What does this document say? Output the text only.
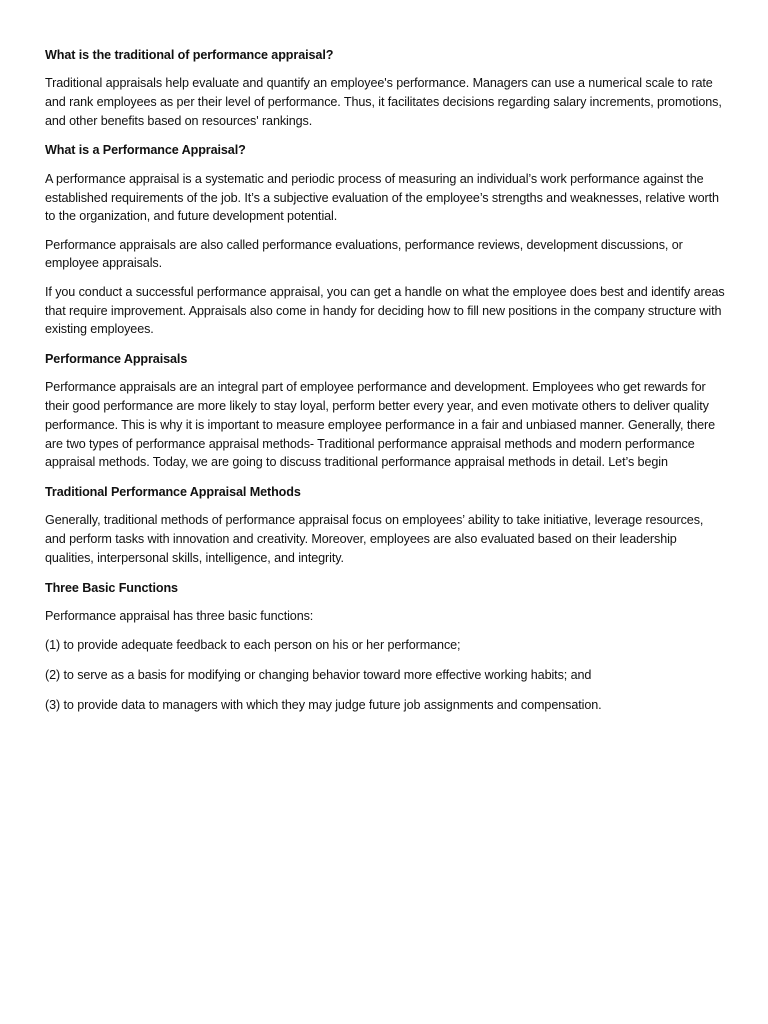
What is the traditional of performance appraisal?

Traditional appraisals help evaluate and quantify an employee's performance. Managers can use a numerical scale to rate and rank employees as per their level of performance. Thus, it facilitates decisions regarding salary increments, promotions, and other benefits based on resources' rankings.

What is a Performance Appraisal?

A performance appraisal is a systematic and periodic process of measuring an individual’s work performance against the established requirements of the job. It’s a subjective evaluation of the employee’s strengths and weaknesses, relative worth to the organization, and future development potential.

Performance appraisals are also called performance evaluations, performance reviews, development discussions, or employee appraisals.

If you conduct a successful performance appraisal, you can get a handle on what the employee does best and identify areas that require improvement. Appraisals also come in handy for deciding how to fill new positions in the company structure with existing employees.

Performance Appraisals

Performance appraisals are an integral part of employee performance and development. Employees who get rewards for their good performance are more likely to stay loyal, perform better every year, and even motivate others to deliver quality performance. This is why it is important to measure employee performance in a fair and unbiased manner. Generally, there are two types of performance appraisal methods- Traditional performance appraisal methods and modern performance appraisal methods. Today, we are going to discuss traditional performance appraisal methods in detail. Let’s begin

Traditional Performance Appraisal Methods

Generally, traditional methods of performance appraisal focus on employees’ ability to take initiative, leverage resources, and perform tasks with innovation and creativity. Moreover, employees are also evaluated based on their leadership qualities, interpersonal skills, intelligence, and integrity.

Three Basic Functions

Performance appraisal has three basic functions:

(1) to provide adequate feedback to each person on his or her performance;

(2) to serve as a basis for modifying or changing behavior toward more effective working habits; and

(3) to provide data to managers with which they may judge future job assignments and compensation.
